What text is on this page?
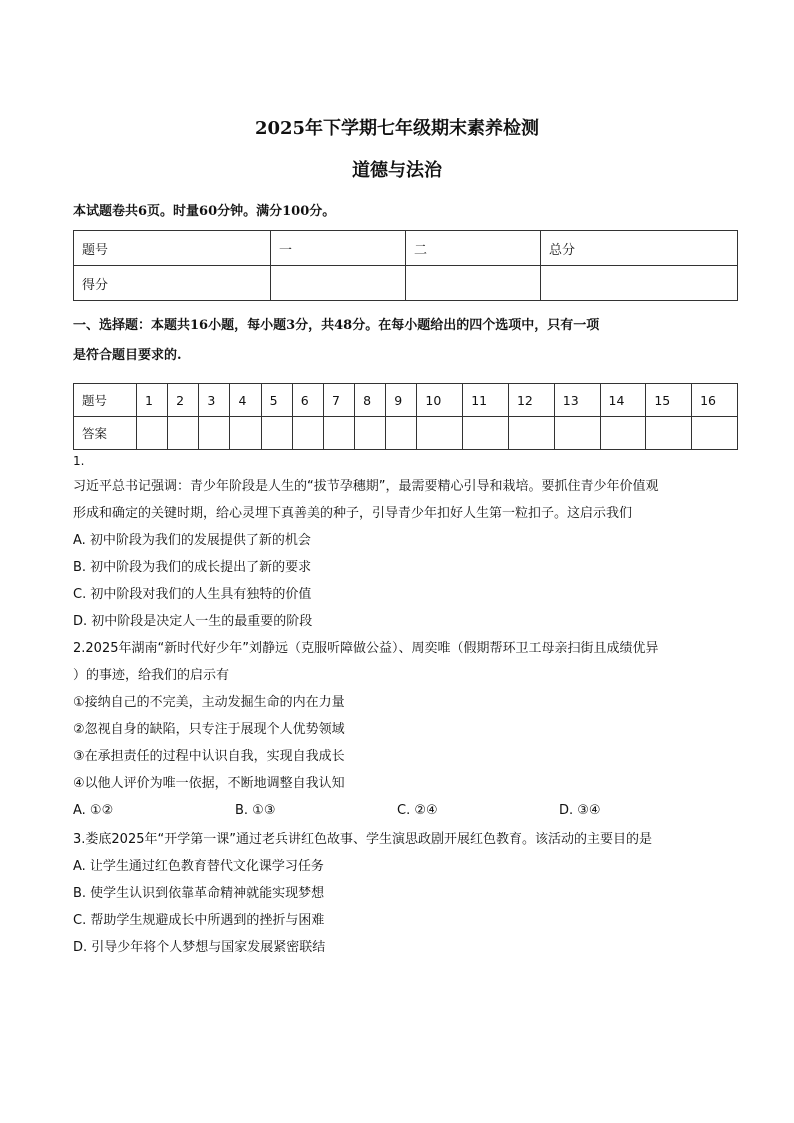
2025年下学期七年级期末素养检测
道德与法治
本试题卷共6页。时量60分钟。满分100分。
题号	一	二	总分
得分			
一、选择题：本题共16小题，每小题3分，共48分。在每小题给出的四个选项中，只有一项
是符合题目要求的.
题号	1	2	3	4	5	6	7	8	9	10	11	12	13	14	15	16
答案																
1.
习近平总书记强调：青少年阶段是人生的“拔节孕穗期”，最需要精心引导和栽培。要抓住青少年价值观
形成和确定的关键时期，给心灵埋下真善美的种子，引导青少年扣好人生第一粒扣子。这启示我们
A. 初中阶段为我们的发展提供了新的机会
B. 初中阶段为我们的成长提出了新的要求
C. 初中阶段对我们的人生具有独特的价值
D. 初中阶段是决定人一生的最重要的阶段
2.2025年湖南“新时代好少年”刘静远（克服听障做公益）、周奕唯（假期帮环卫工母亲扫街且成绩优异
）的事迹，给我们的启示有
①接纳自己的不完美，主动发掘生命的内在力量
②忽视自身的缺陷，只专注于展现个人优势领域
③在承担责任的过程中认识自我，实现自我成长
④以他人评价为唯一依据，不断地调整自我认知
A. ①②	B. ①③	C. ②④	D. ③④
3.娄底2025年“开学第一课”通过老兵讲红色故事、学生演思政剧开展红色教育。该活动的主要目的是
A. 让学生通过红色教育替代文化课学习任务
B. 使学生认识到依靠革命精神就能实现梦想
C. 帮助学生规避成长中所遇到的挫折与困难
D. 引导少年将个人梦想与国家发展紧密联结
